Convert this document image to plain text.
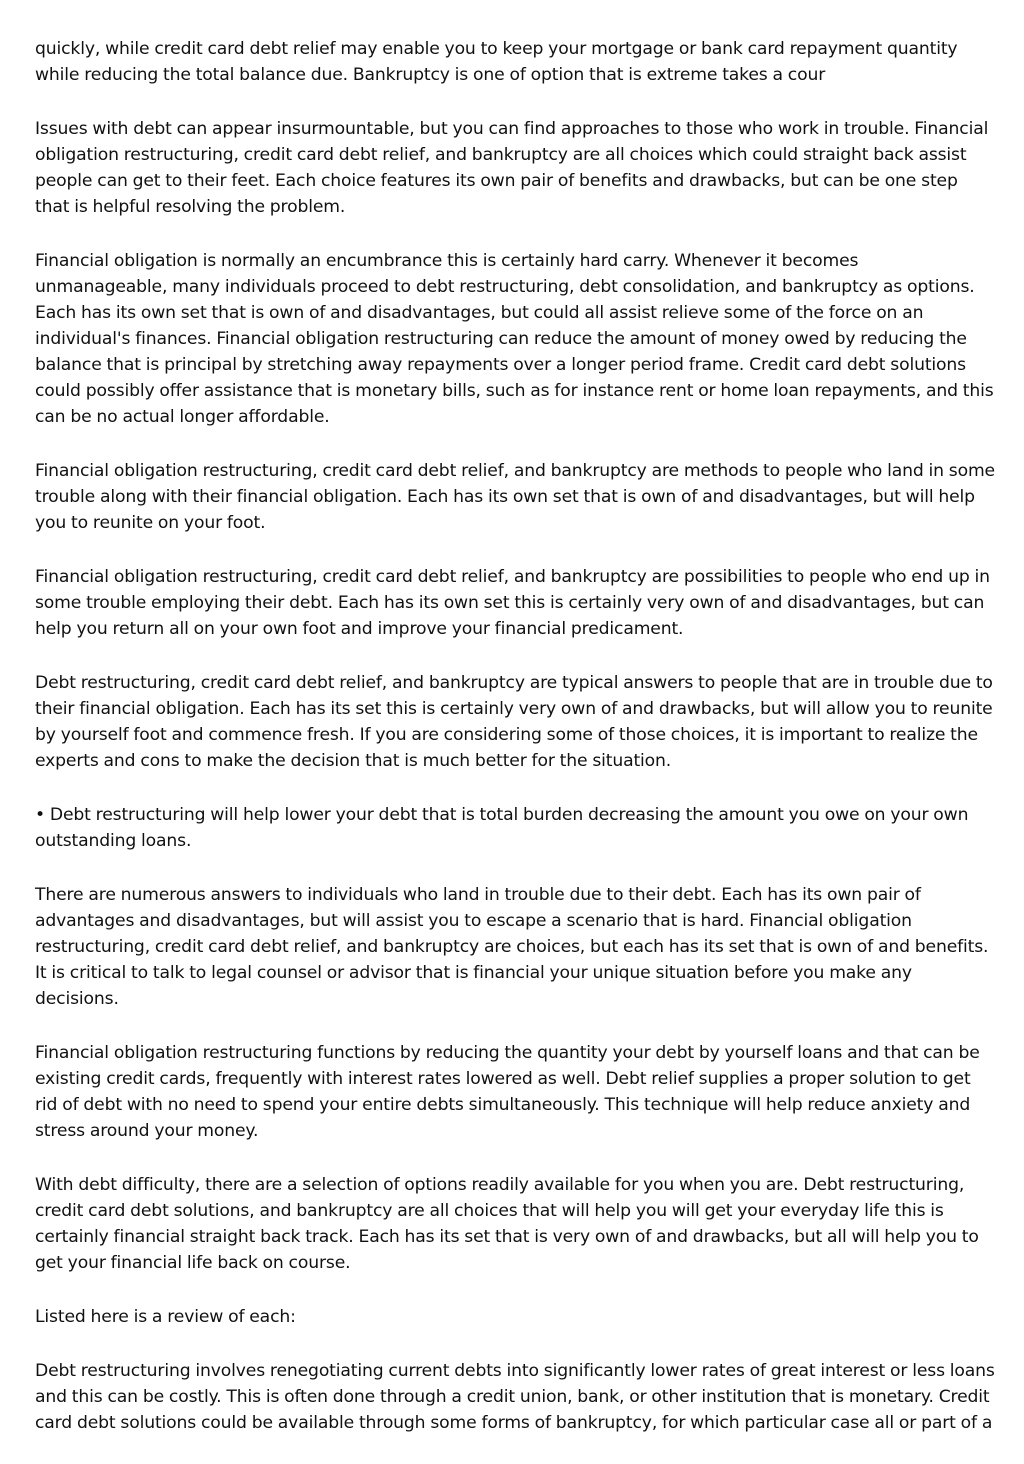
quickly, while credit card debt relief may enable you to keep your mortgage or bank card repayment quantity while reducing the total balance due. Bankruptcy is one of option that is extreme takes a cour

Issues with debt can appear insurmountable, but you can find approaches to those who work in trouble. Financial obligation restructuring, credit card debt relief, and bankruptcy are all choices which could straight back assist people can get to their feet. Each choice features its own pair of benefits and drawbacks, but can be one step that is helpful resolving the problem.

Financial obligation is normally an encumbrance this is certainly hard carry. Whenever it becomes unmanageable, many individuals proceed to debt restructuring, debt consolidation, and bankruptcy as options. Each has its own set that is own of and disadvantages, but could all assist relieve some of the force on an individual's finances. Financial obligation restructuring can reduce the amount of money owed by reducing the balance that is principal by stretching away repayments over a longer period frame. Credit card debt solutions could possibly offer assistance that is monetary bills, such as for instance rent or home loan repayments, and this can be no actual longer affordable.

Financial obligation restructuring, credit card debt relief, and bankruptcy are methods to people who land in some trouble along with their financial obligation. Each has its own set that is own of and disadvantages, but will help you to reunite on your foot.

Financial obligation restructuring, credit card debt relief, and bankruptcy are possibilities to people who end up in some trouble employing their debt. Each has its own set this is certainly very own of and disadvantages, but can help you return all on your own foot and improve your financial predicament.

Debt restructuring, credit card debt relief, and bankruptcy are typical answers to people that are in trouble due to their financial obligation. Each has its set this is certainly very own of and drawbacks, but will allow you to reunite by yourself foot and commence fresh. If you are considering some of those choices, it is important to realize the experts and cons to make the decision that is much better for the situation.

• Debt restructuring will help lower your debt that is total burden decreasing the amount you owe on your own outstanding loans.

There are numerous answers to individuals who land in trouble due to their debt. Each has its own pair of advantages and disadvantages, but will assist you to escape a scenario that is hard. Financial obligation restructuring, credit card debt relief, and bankruptcy are choices, but each has its set that is own of and benefits. It is critical to talk to legal counsel or advisor that is financial your unique situation before you make any decisions.

Financial obligation restructuring functions by reducing the quantity your debt by yourself loans and that can be existing credit cards, frequently with interest rates lowered as well. Debt relief supplies a proper solution to get rid of debt with no need to spend your entire debts simultaneously. This technique will help reduce anxiety and stress around your money.

With debt difficulty, there are a selection of options readily available for you when you are. Debt restructuring, credit card debt solutions, and bankruptcy are all choices that will help you will get your everyday life this is certainly financial straight back track. Each has its set that is very own of and drawbacks, but all will help you to get your financial life back on course.

Listed here is a review of each:

Debt restructuring involves renegotiating current debts into significantly lower rates of great interest or less loans and this can be costly. This is often done through a credit union, bank, or other institution that is monetary. Credit card debt solutions could be available through some forms of bankruptcy, for which particular case all or part of a
